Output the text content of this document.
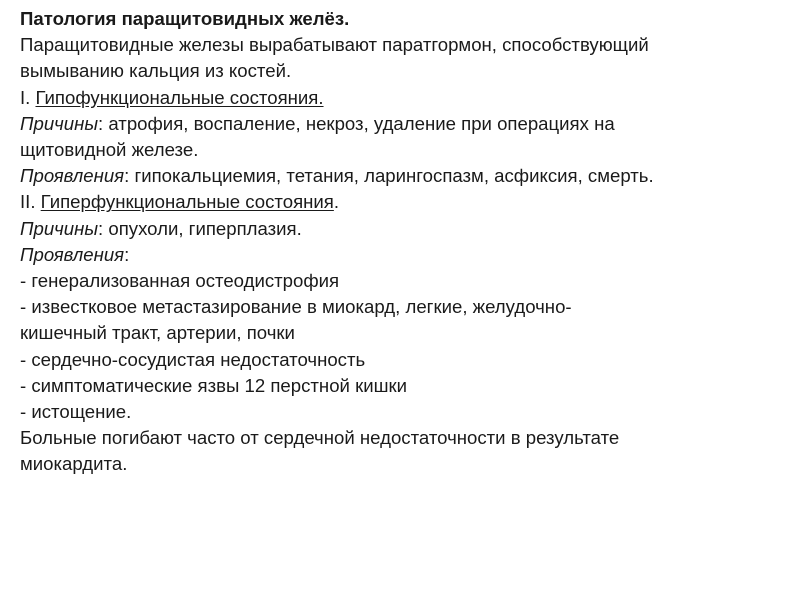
Патология паращитовидных желёз.
Паращитовидные железы вырабатывают паратгормон, способствующий
вымыванию кальция из костей.
I. Гипофункциональные состояния.
Причины: атрофия, воспаление, некроз, удаление при операциях на
щитовидной железе.
Проявления: гипокальциемия, тетания, ларингоспазм, асфиксия, смерть.
II. Гиперфункциональные состояния.
Причины: опухоли, гиперплазия.
Проявления:
- генерализованная остеодистрофия
- известковое метастазирование в миокард, легкие, желудочно-
кишечный тракт, артерии, почки
- сердечно-сосудистая недостаточность
- симптоматические язвы 12 перстной кишки
- истощение.
Больные погибают часто от сердечной недостаточности в результате
миокардита.
